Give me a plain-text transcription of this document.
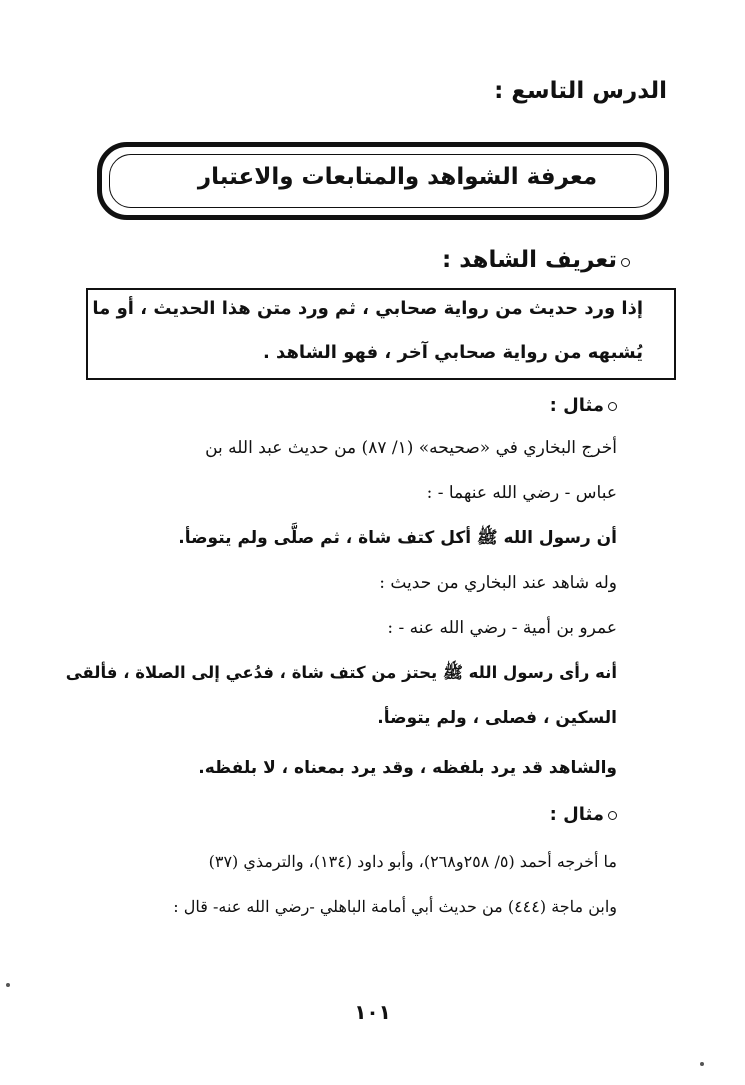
الدرس التاسع :
معرفة الشواهد والمتابعات والاعتبار
تعريف الشاهد :
إذا ورد حديث من رواية صحابي ، ثم ورد متن هذا الحديث ، أو ما
يُشبهه من رواية صحابي آخر ، فهو الشاهد .
مثال :
أخرج البخاري في «صحيحه» (١/ ٨٧) من حديث عبد الله بن
عباس - رضي الله عنهما - :
أن رسول الله ﷺ أكل كتف شاة ، ثم صلَّى ولم يتوضأ.
وله شاهد عند البخاري من حديث :
عمرو بن أمية - رضي الله عنه - :
أنه رأى رسول الله ﷺ يحتز من كتف شاة ، فدُعي إلى الصلاة ، فألقى
السكين ، فصلى ، ولم يتوضأ.
والشاهد قد يرد بلفظه ، وقد يرد بمعناه ، لا بلفظه.
مثال :
ما أخرجه أحمد (٥/ ٢٥٨و٢٦٨)، وأبو داود (١٣٤)، والترمذي (٣٧)
وابن ماجة (٤٤٤) من حديث أبي أمامة الباهلي -رضي الله عنه- قال :
١٠١
